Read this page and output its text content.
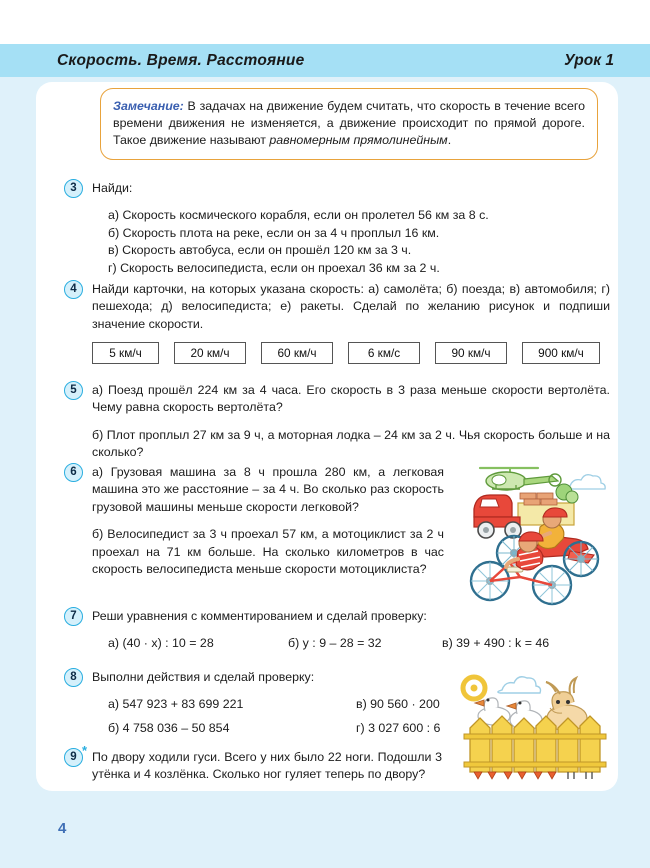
Скорость. Время. Расстояние	Урок 1

Замечание: В задачах на движение будем считать, что скорость в течение всего времени движения не изменяется, а движение происходит по прямой дороге. Такое движение называют равномерным прямолинейным.

3	Найди:

а) Скорость космического корабля, если он пролетел 56 км за 8 с.

б) Скорость плота на реке, если он за 4 ч проплыл 16 км.

в) Скорость автобуса, если он прошёл 120 км за 3 ч.

г) Скорость велосипедиста, если он проехал 36 км за 2 ч.

4	Найди карточки, на которых указана скорость: а) самолёта; б) поезда; в) автомобиля; г) пешехода; д) велосипедиста; е) ракеты. Сделай по желанию рисунок и подпиши значение скорости.

5 км/ч	20 км/ч	60 км/ч	6 км/с	90 км/ч	900 км/ч
5	а) Поезд прошёл 224 км за 4 часа. Его скорость в 3 раза меньше скорости вертолёта. Чему равна скорость вертолёта?

б) Плот проплыл 27 км за 9 ч, а моторная лодка – 24 км за 2 ч. Чья скорость больше и на сколько?

6	а) Грузовая машина за 8 ч прошла 280 км, а легковая машина это же расстояние – за 4 ч. Во сколько раз скорость грузовой машины меньше скорости легковой?

б) Велосипедист за 3 ч проехал 57 км, а мотоциклист за 2 ч проехал на 71 км больше. На сколько километров в час скорость велосипедиста меньше скорости мотоциклиста?

7	Реши уравнения с комментированием и сделай проверку:

а) (40 · x) : 10 = 28	б) y : 9 – 28 = 32	в) 39 + 490 : k = 46
8	Выполни действия и сделай проверку:

а) 547 923 + 83 699 221	в) 90 560 · 200
б) 4 758 036 – 50 854	г) 3 027 600 : 6
9 * По двору ходили гуси. Всего у них было 22 ноги. Подошли 3 утёнка и 4 козлёнка. Сколько ног гуляет теперь по двору?

4
